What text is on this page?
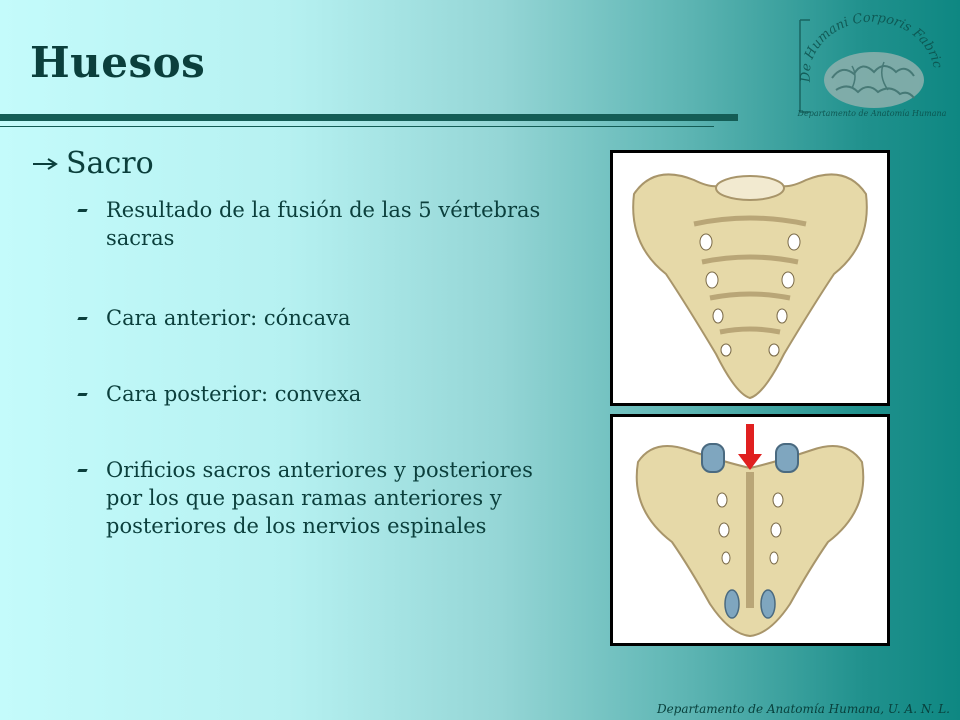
Huesos	De Humani Corporis Fabric
Departamento de Anatomía Humana
Sacro
Resultado de la fusión de las 5 vértebras sacras
Cara anterior: cóncava
Cara posterior: convexa
Orificios sacros anteriores y posteriores por los que pasan ramas anteriores y posteriores de los nervios espinales
Departamento de Anatomía Humana, U. A. N. L.
